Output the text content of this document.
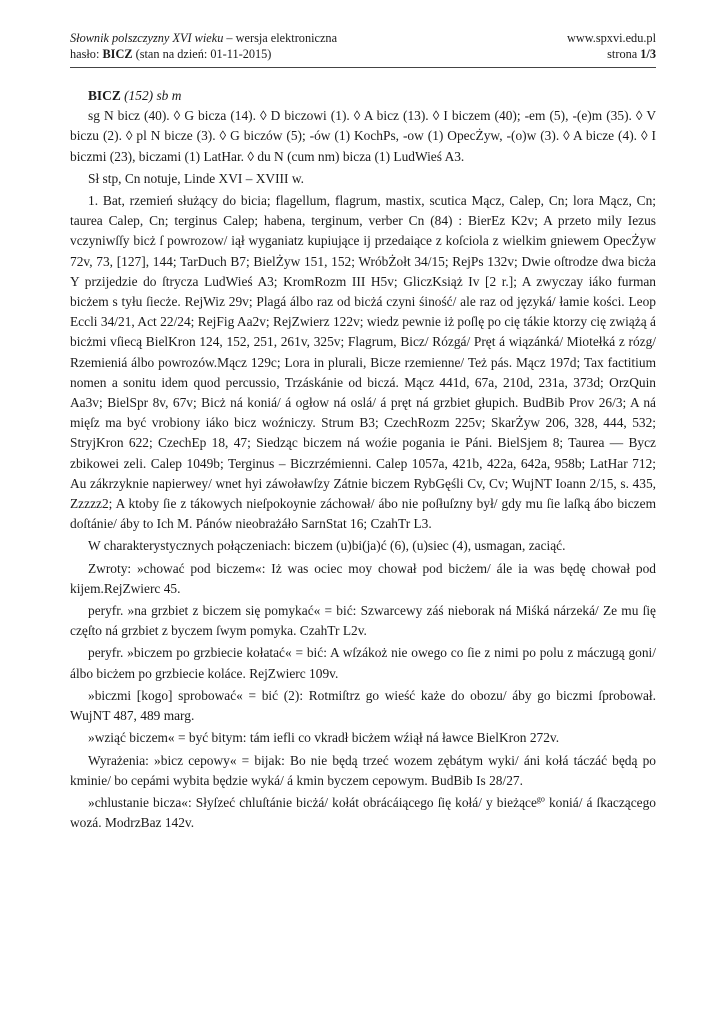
Słownik polszczyzny XVI wieku – wersja elektroniczna	www.spxvi.edu.pl
hasło: BICZ (stan na dzień: 01-11-2015)	strona 1/3

BICZ (152) sb m

sg N bicz (40). ◊ G bicza (14). ◊ D biczowi (1). ◊ A bicz (13). ◊ I biczem (40); -em (5), -(e)m (35). ◊ V biczu (2). ◊ pl N bicze (3). ◊ G biczów (5); -ów (1) KochPs, -ow (1) OpecŻyw, -(o)w (3). ◊ A bicze (4). ◊ I biczmi (23), biczami (1) LatHar. ◊ du N (cum nm) bicza (1) LudWieś A3.

Sł stp, Cn notuje, Linde XVI – XVIII w.

1. Bat, rzemień służący do bicia; flagellum, flagrum, mastix, scutica Mącz, Calep, Cn; lora Mącz, Cn; taurea Calep, Cn; terginus Calep; habena, terginum, verber Cn (84) : BierEz K2v; A przeto mily Iezus vczyniwſſy bicż ſ powrozow/ iął wyganiatz kupiujące ij przedaiące z koſciola z wielkim gniewem OpecŻyw 72v, 73, [127], 144; TarDuch B7; BielŻyw 151, 152; WróbŻołt 34/15; RejPs 132v; Dwie oſtrodze dwa bicża Y przijedzie do ſtrycza LudWieś A3; KromRozm III H5v; GliczKsiąż Iv [2 r.]; A zwyczay iáko furman bicżem s tyłu ſiecże. RejWiz 29v; Plagá álbo raz od bicżá czyni śiność/ ale raz od języká/ łamie kości. Leop Eccli 34/21, Act 22/24; RejFig Aa2v; RejZwierz 122v; wiedz pewnie iż poſlę po cię tákie ktorzy cię zwiążą á bicżmi vſiecą BielKron 124, 152, 251, 261v, 325v; Flagrum, Bicz/ Rózgá/ Pręt á wiązánká/ Miotełká z rózg/ Rzemieniá álbo powrozów.Mącz 129c; Lora in plurali, Bicze rzemienne/ Też pás. Mącz 197d; Tax factitium nomen a sonitu idem quod percussio, Trzáskánie od biczá. Mącz 441d, 67a, 210d, 231a, 373d; OrzQuin Aa3v; BielSpr 8v, 67v; Bicż ná koniá/ á ogłow ná oslá/ á pręt ná grzbiet głupich. BudBib Prov 26/3; A ná mięſz ma być vrobiony iáko bicz woźniczy. Strum B3; CzechRozm 225v; SkarŻyw 206, 328, 444, 532; StryjKron 622; CzechEp 18, 47; Siedząc biczem ná woźie pogania ie Páni. BielSjem 8; Taurea — Bycz zbikowei zeli. Calep 1049b; Terginus – Biczrzémienni. Calep 1057a, 421b, 422a, 642a, 958b; LatHar 712; Au zákrzyknie napierwey/ wnet hyi záwoławſzy Zátnie biczem RybGęśli Cv, Cv; WujNT Ioann 2/15, s. 435, Zzzzz2; A ktoby ſie z tákowych nieſpokoynie záchował/ ábo nie poſłuſzny był/ gdy mu ſie laſką ábo biczem doſtánie/ áby to Ich M. Pánów nieobrażáło SarnStat 16; CzahTr L3.

W charakterystycznych połączeniach: biczem (u)bi(ja)ć (6), (u)siec (4), usmagan, zaciąć.

Zwroty: »chować pod biczem«: Iż was ociec moy chował pod bicżem/ ále ia was będę chował pod kijem.RejZwierc 45.

peryfr. »na grzbiet z biczem się pomykać« = bić: Szwarcewy záś nieborak ná Miśká nárzeká/ Ze mu ſię częſto ná grzbiet z byczem ſwym pomyka. CzahTr L2v.

peryfr. »biczem po grzbiecie kołatać« = bić: A wſzákoż nie owego co ſie z nimi po polu z máczugą goni/ álbo bicżem po grzbiecie koláce. RejZwierc 109v.

»biczmi [kogo] sprobować« = bić (2): Rotmiſtrz go wieść każe do obozu/ áby go biczmi ſprobował. WujNT 487, 489 marg.

»wziąć biczem« = być bitym: tám iefli co vkradł bicżem wźiął ná ławce BielKron 272v.

Wyrażenia: »bicz cepowy« = bijak: Bo nie będą trzeć wozem zębátym wyki/ áni kołá táczáć będą po kminie/ bo cepámi wybita będzie wyká/ á kmin byczem cepowym. BudBib Is 28/27.

»chlustanie bicza«: Słyſzeć chluſtánie bicżá/ kołát obrácáiącego ſię kołá/ y bieżące$^{go}$ koniá/ á ſkaczącego wozá. ModrzBaz 142v.
